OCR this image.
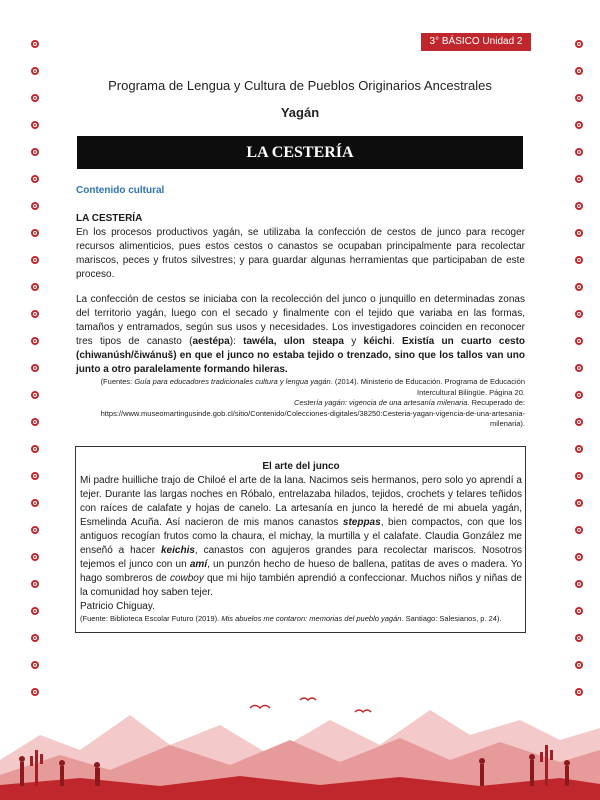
3° BÁSICO Unidad 2
Programa de Lengua y Cultura de Pueblos Originarios Ancestrales
Yagán
LA CESTERÍA
Contenido cultural
LA CESTERÍA

En los procesos productivos yagán, se utilizaba la confección de cestos de junco para recoger recursos alimenticios, pues estos cestos o canastos se ocupaban principalmente para recolectar mariscos, peces y frutos silvestres; y para guardar algunas herramientas que participaban de este proceso.

La confección de cestos se iniciaba con la recolección del junco o junquillo en determinadas zonas del territorio yagán, luego con el secado y finalmente con el tejido que variaba en las formas, tamaños y entramados, según sus usos y necesidades. Los investigadores coinciden en reconocer tres tipos de canasto (aestépa): tawéla, ulon steapa y kéichi. Existía un cuarto cesto (chiwanúsh/čiwánuš) en que el junco no estaba tejido o trenzado, sino que los tallos van uno junto a otro paralelamente formando hileras.

(Fuentes: Guía para educadores tradicionales cultura y lengua yagán. (2014). Ministerio de Educación. Programa de Educación Intercultural Bilingüe. Página 20.
Cestería yagán: vigencia de una artesanía milenaria. Recuperado de:
https://www.museomartingusinde.gob.cl/sitio/Contenido/Colecciones-digitales/38250:Cesteria-yagan-vigencia-de-una-artesania-milenaria).
El arte del junco

Mi padre huilliche trajo de Chiloé el arte de la lana. Nacimos seis hermanos, pero solo yo aprendí a tejer. Durante las largas noches en Róbalo, entrelazaba hilados, tejidos, crochets y telares teñidos con raíces de calafate y hojas de canelo. La artesanía en junco la heredé de mi abuela yagán, Esmelinda Acuña. Así nacieron de mis manos canastos steppas, bien compactos, con que los antiguos recogían frutos como la chaura, el michay, la murtilla y el calafate. Claudia González me enseñó a hacer keichis, canastos con agujeros grandes para recolectar mariscos. Nosotros tejemos el junco con un amí, un punzón hecho de hueso de ballena, patitas de aves o madera. Yo hago sombreros de cowboy que mi hijo también aprendió a confeccionar. Muchos niños y niñas de la comunidad hoy saben tejer.

Patricio Chiguay.
(Fuente: Biblioteca Escolar Futuro (2019). Mis abuelos me contaron: memorias del pueblo yagán. Santiago: Salesianos, p. 24).
